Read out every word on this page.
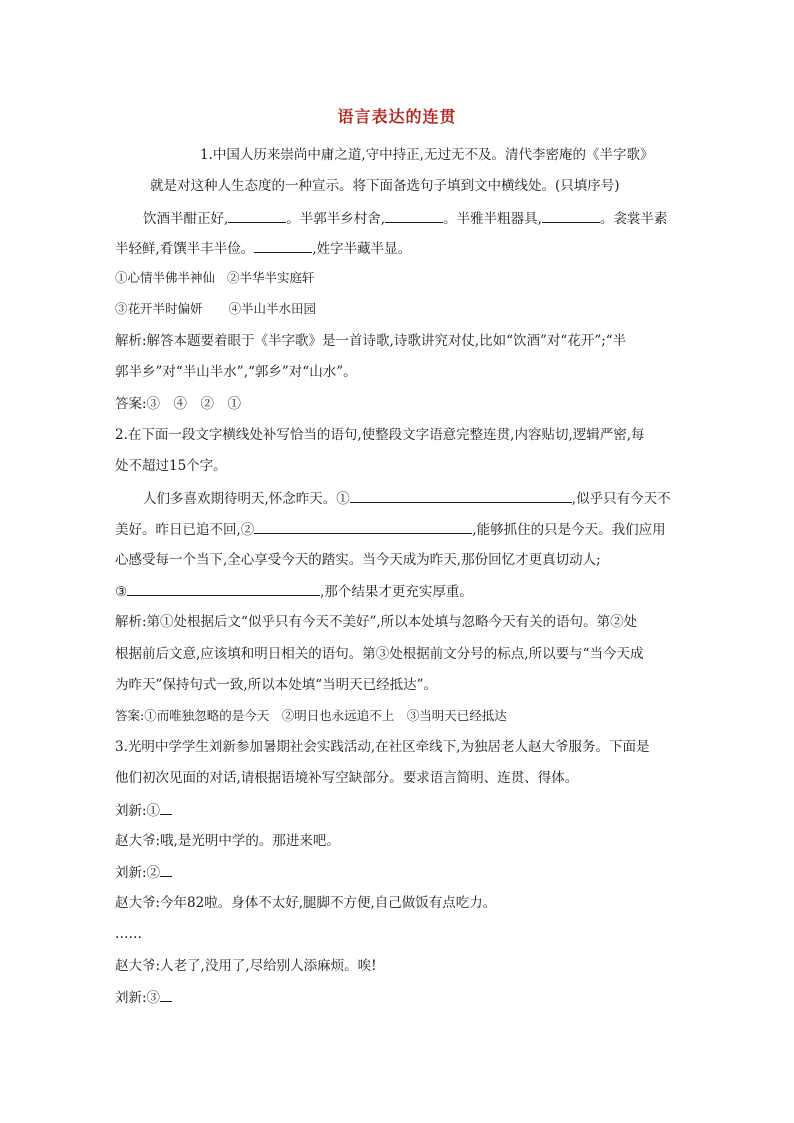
语言表达的连贯
1.中国人历来崇尚中庸之道,守中持正,无过无不及。清代李密庵的《半字歌》
就是对这种人生态度的一种宣示。将下面备选句子填到文中横线处。(只填序号)
饮酒半酣正好,	。半郭半乡村舍,	。半雅半粗器具,	。衾裳半素
半轻鲜,肴馔半丰半俭。	,姓字半藏半显。
①心情半佛半神仙 ②半华半实庭轩
③花开半时偏妍 ④半山半水田园
解析:解答本题要着眼于《半字歌》是一首诗歌,诗歌讲究对仗,比如“饮酒”对“花开”;“半
郭半乡”对“半山半水”,“郭乡”对“山水”。
答案:③　④　②　①
2.在下面一段文字横线处补写恰当的语句,使整段文字语意完整连贯,内容贴切,逻辑严密,每
处不超过15个字。
人们多喜欢期待明天,怀念昨天。①	,似乎只有今天不
美好。昨日已追不回,②	,能够抓住的只是今天。我们应用
心感受每一个当下,全心享受今天的踏实。当今天成为昨天,那份回忆才更真切动人;
③	,那个结果才更充实厚重。
解析:第①处根据后文“似乎只有今天不美好”,所以本处填与忽略今天有关的语句。第②处
根据前后文意,应该填和明日相关的语句。第③处根据前文分号的标点,所以要与“当今天成
为昨天”保持句式一致,所以本处填“当明天已经抵达”。
答案:①而唯独忽略的是今天　②明日也永远追不上　③当明天已经抵达
3.光明中学学生刘新参加暑期社会实践活动,在社区牵线下,为独居老人赵大爷服务。下面是
他们初次见面的对话,请根据语境补写空缺部分。要求语言简明、连贯、得体。
刘新:①
赵大爷:哦,是光明中学的。那进来吧。
刘新:②
赵大爷:今年82啦。身体不太好,腿脚不方便,自己做饭有点吃力。
……
赵大爷:人老了,没用了,尽给别人添麻烦。唉!
刘新:③
